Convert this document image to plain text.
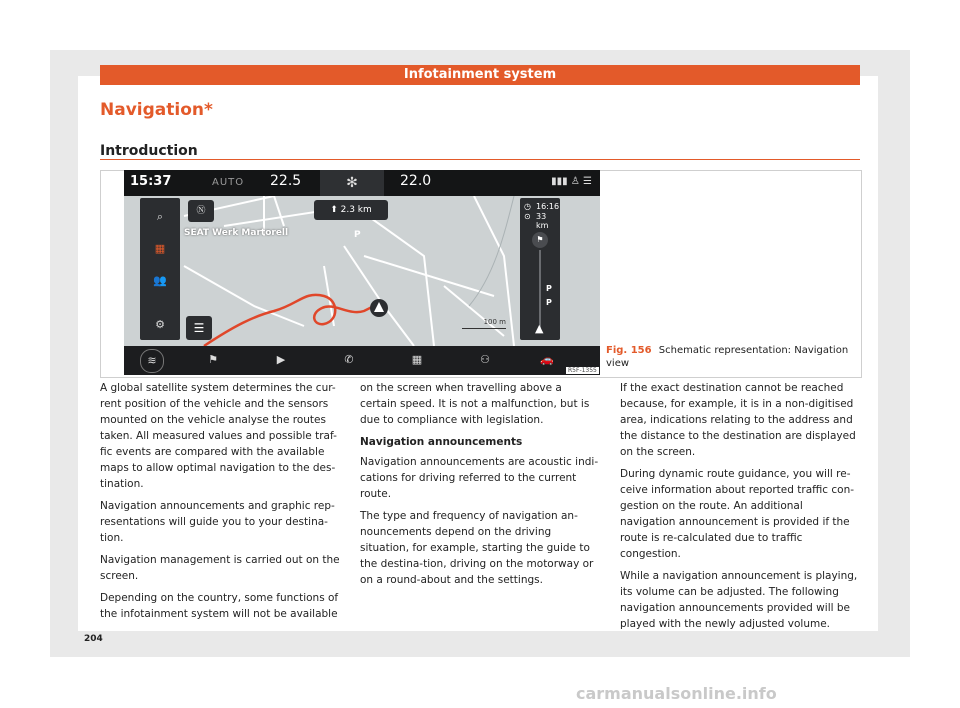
Infotainment system
Navigation*
Introduction
15:37	AUTO 22.5	✻	22.0	▮▮▮ ♙ ☰
⌕
▦
👥
⚙
Ⓝ	⬆ 2.3 km
SEAT Werk Martorell	P
☰
◷ 16:16
⊙ 33 km
⚑
P
P
▲
100 m
≋	⚑	▶	✆	▦	⚇	🚗
R5F-1355
Fig. 156 Schematic representation: Navigation view

A global satellite system determines the cur-rent position of the vehicle and the sensors mounted on the vehicle analyse the routes taken. All measured values and possible traf-fic events are compared with the available maps to allow optimal navigation to the des-tination.

Navigation announcements and graphic rep-resentations will guide you to your destina-tion.

Navigation management is carried out on the screen.

Depending on the country, some functions of the infotainment system will not be available

on the screen when travelling above a certain speed. It is not a malfunction, but is due to compliance with legislation.

Navigation announcements

Navigation announcements are acoustic indi-cations for driving referred to the current route.

The type and frequency of navigation an-nouncements depend on the driving situation, for example, starting the guide to the destina-tion, driving on the motorway or on a round-about and the settings.

If the exact destination cannot be reached because, for example, it is in a non-digitised area, indications relating to the address and the distance to the destination are displayed on the screen.

During dynamic route guidance, you will re-ceive information about reported traffic con-gestion on the route. An additional navigation announcement is provided if the route is re-calculated due to traffic congestion.

While a navigation announcement is playing, its volume can be adjusted. The following navigation announcements provided will be played with the newly adjusted volume.

204
carmanualsonline.info
